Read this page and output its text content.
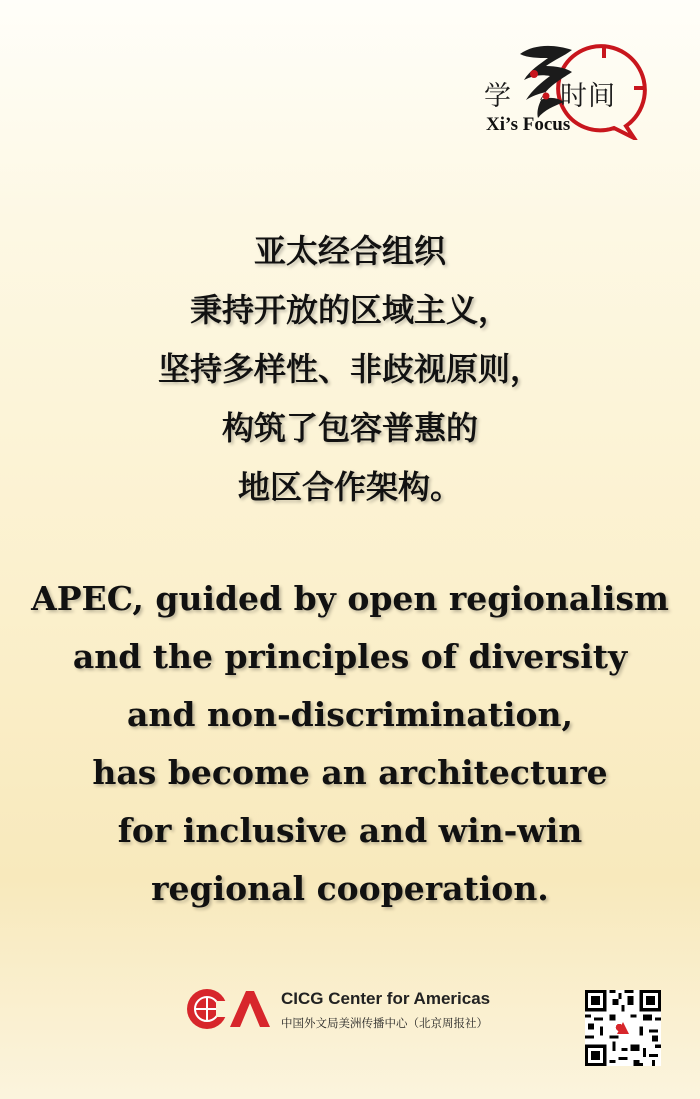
学 时间
Xi’s Focus
亚太经合组织
秉持开放的区域主义，
坚持多样性、非歧视原则，
构筑了包容普惠的
地区合作架构。
APEC, guided by open regionalism
and the principles of diversity
and non-discrimination,
has become an architecture
for inclusive and win-win
regional cooperation.
CICG Center for Americas
中国外文局美洲传播中心（北京周报社）
